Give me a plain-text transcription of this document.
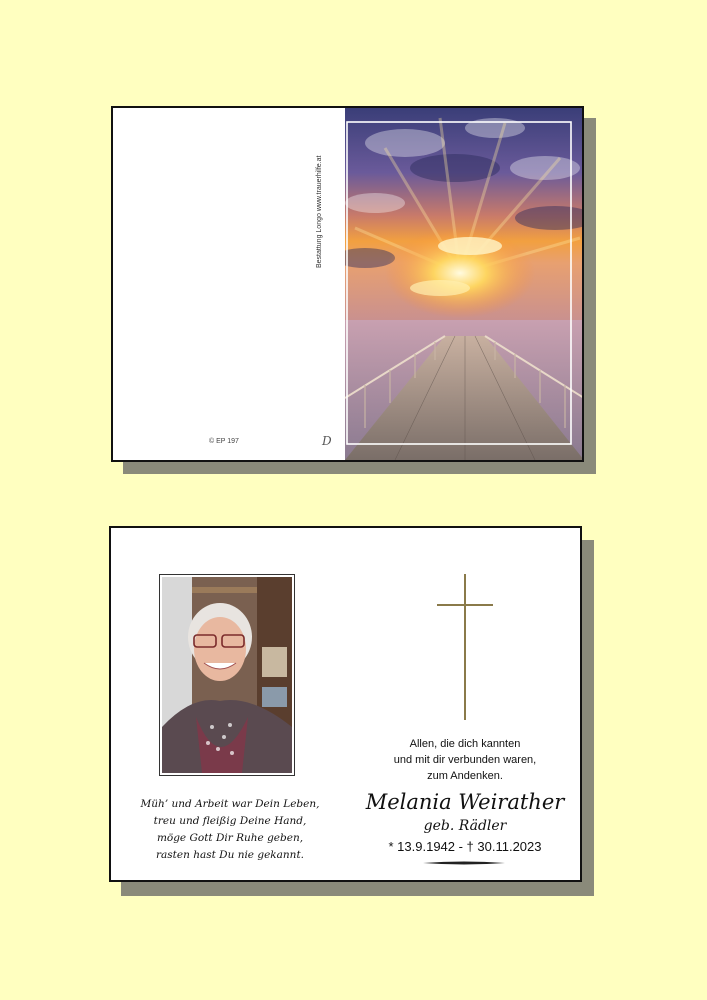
Bestattung Longo www.trauerhilfe.at
© EP 197	D
Müh’ und Arbeit war Dein Leben,
treu und fleißig Deine Hand,
möge Gott Dir Ruhe geben,
rasten hast Du nie gekannt.
Allen, die dich kannten
und mit dir verbunden waren,
zum Andenken.
Melania Weirather
geb. Rädler
* 13.9.1942 - † 30.11.2023
